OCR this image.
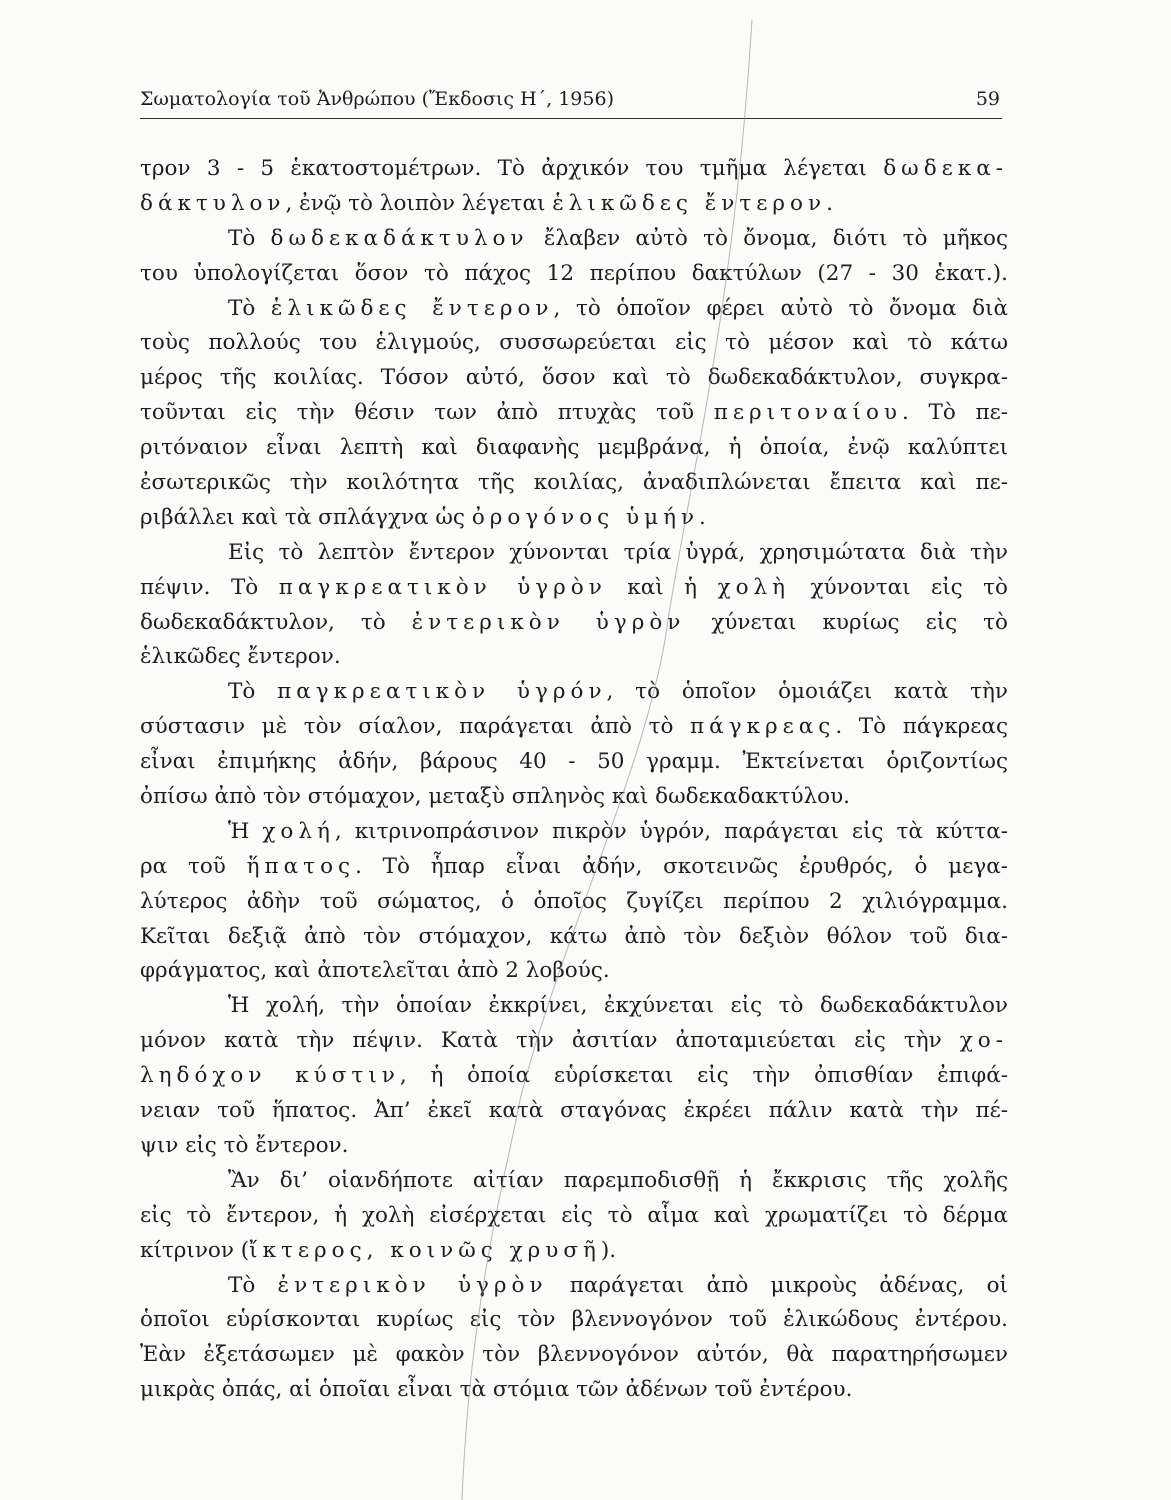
Σωματολογία τοῦ Ἀνθρώπου (Ἔκδοσις Η΄, 1956)	59
τρον 3 - 5 ἑκατοστομέτρων. Τὸ ἀρχικόν του τμῆμα λέγεται δωδεκα-
δάκτυλον, ἐνῷ τὸ λοιπὸν λέγεται ἑλικῶδες ἔντερον.
Τὸ δωδεκαδάκτυλον ἔλαβεν αὐτὸ τὸ ὄνομα, διότι τὸ μῆκος
του ὑπολογίζεται ὅσον τὸ πάχος 12 περίπου δακτύλων (27 - 30 ἑκατ.).
Τὸ ἑλικῶδες ἔντερον, τὸ ὁποῖον φέρει αὐτὸ τὸ ὄνομα διὰ
τοὺς πολλούς του ἑλιγμούς, συσσωρεύεται εἰς τὸ μέσον καὶ τὸ κάτω
μέρος τῆς κοιλίας. Τόσον αὐτό, ὅσον καὶ τὸ δωδεκαδάκτυλον, συγκρα-
τοῦνται εἰς τὴν θέσιν των ἀπὸ πτυχὰς τοῦ περιτοναίου. Τὸ πε-
ριτόναιον εἶναι λεπτὴ καὶ διαφανὴς μεμβράνα, ἡ ὁποία, ἐνῷ καλύπτει
ἐσωτερικῶς τὴν κοιλότητα τῆς κοιλίας, ἀναδιπλώνεται ἔπειτα καὶ πε-
ριβάλλει καὶ τὰ σπλάγχνα ὡς ὀρογόνος ὑμήν.
Εἰς τὸ λεπτὸν ἔντερον χύνονται τρία ὑγρά, χρησιμώτατα διὰ τὴν
πέψιν. Τὸ παγκρεατικὸν ὑγρὸν καὶ ἡ χολὴ χύνονται εἰς τὸ
δωδεκαδάκτυλον, τὸ ἐντερικὸν ὑγρὸν χύνεται κυρίως εἰς τὸ
ἑλικῶδες ἔντερον.
Τὸ παγκρεατικὸν ὑγρόν, τὸ ὁποῖον ὁμοιάζει κατὰ τὴν
σύστασιν μὲ τὸν σίαλον, παράγεται ἀπὸ τὸ πάγκρεας. Τὸ πάγκρεας
εἶναι ἐπιμήκης ἀδήν, βάρους 40 - 50 γραμμ. Ἐκτείνεται ὁριζοντίως
ὀπίσω ἀπὸ τὸν στόμαχον, μεταξὺ σπληνὸς καὶ δωδεκαδακτύλου.
Ἡ χολή, κιτρινοπράσινον πικρὸν ὑγρόν, παράγεται εἰς τὰ κύττα-
ρα τοῦ ἥπατος. Τὸ ἧπαρ εἶναι ἀδήν, σκοτεινῶς ἐρυθρός, ὁ μεγα-
λύτερος ἀδὴν τοῦ σώματος, ὁ ὁποῖος ζυγίζει περίπου 2 χιλιόγραμμα.
Κεῖται δεξιᾷ ἀπὸ τὸν στόμαχον, κάτω ἀπὸ τὸν δεξιὸν θόλον τοῦ δια-
φράγματος, καὶ ἀποτελεῖται ἀπὸ 2 λοβούς.
Ἡ χολή, τὴν ὁποίαν ἐκκρίνει, ἐκχύνεται εἰς τὸ δωδεκαδάκτυλον
μόνον κατὰ τὴν πέψιν. Κατὰ τὴν ἀσιτίαν ἀποταμιεύεται εἰς τὴν χο-
ληδόχον κύστιν, ἡ ὁποία εὑρίσκεται εἰς τὴν ὀπισθίαν ἐπιφά-
νειαν τοῦ ἥπατος. Ἀπ’ ἐκεῖ κατὰ σταγόνας ἐκρέει πάλιν κατὰ τὴν πέ-
ψιν εἰς τὸ ἔντερον.
Ἂν δι’ οἱανδήποτε αἰτίαν παρεμποδισθῇ ἡ ἔκκρισις τῆς χολῆς
εἰς τὸ ἔντερον, ἡ χολὴ εἰσέρχεται εἰς τὸ αἷμα καὶ χρωματίζει τὸ δέρμα
κίτρινον (ἴκτερος, κοινῶς χρυσῆ).
Τὸ ἐντερικὸν ὑγρὸν παράγεται ἀπὸ μικροὺς ἀδένας, οἱ
ὁποῖοι εὑρίσκονται κυρίως εἰς τὸν βλεννογόνον τοῦ ἑλικώδους ἐντέρου.
Ἐὰν ἐξετάσωμεν μὲ φακὸν τὸν βλεννογόνον αὐτόν, θὰ παρατηρήσωμεν
μικρὰς ὀπάς, αἱ ὁποῖαι εἶναι τὰ στόμια τῶν ἀδένων τοῦ ἐντέρου.
